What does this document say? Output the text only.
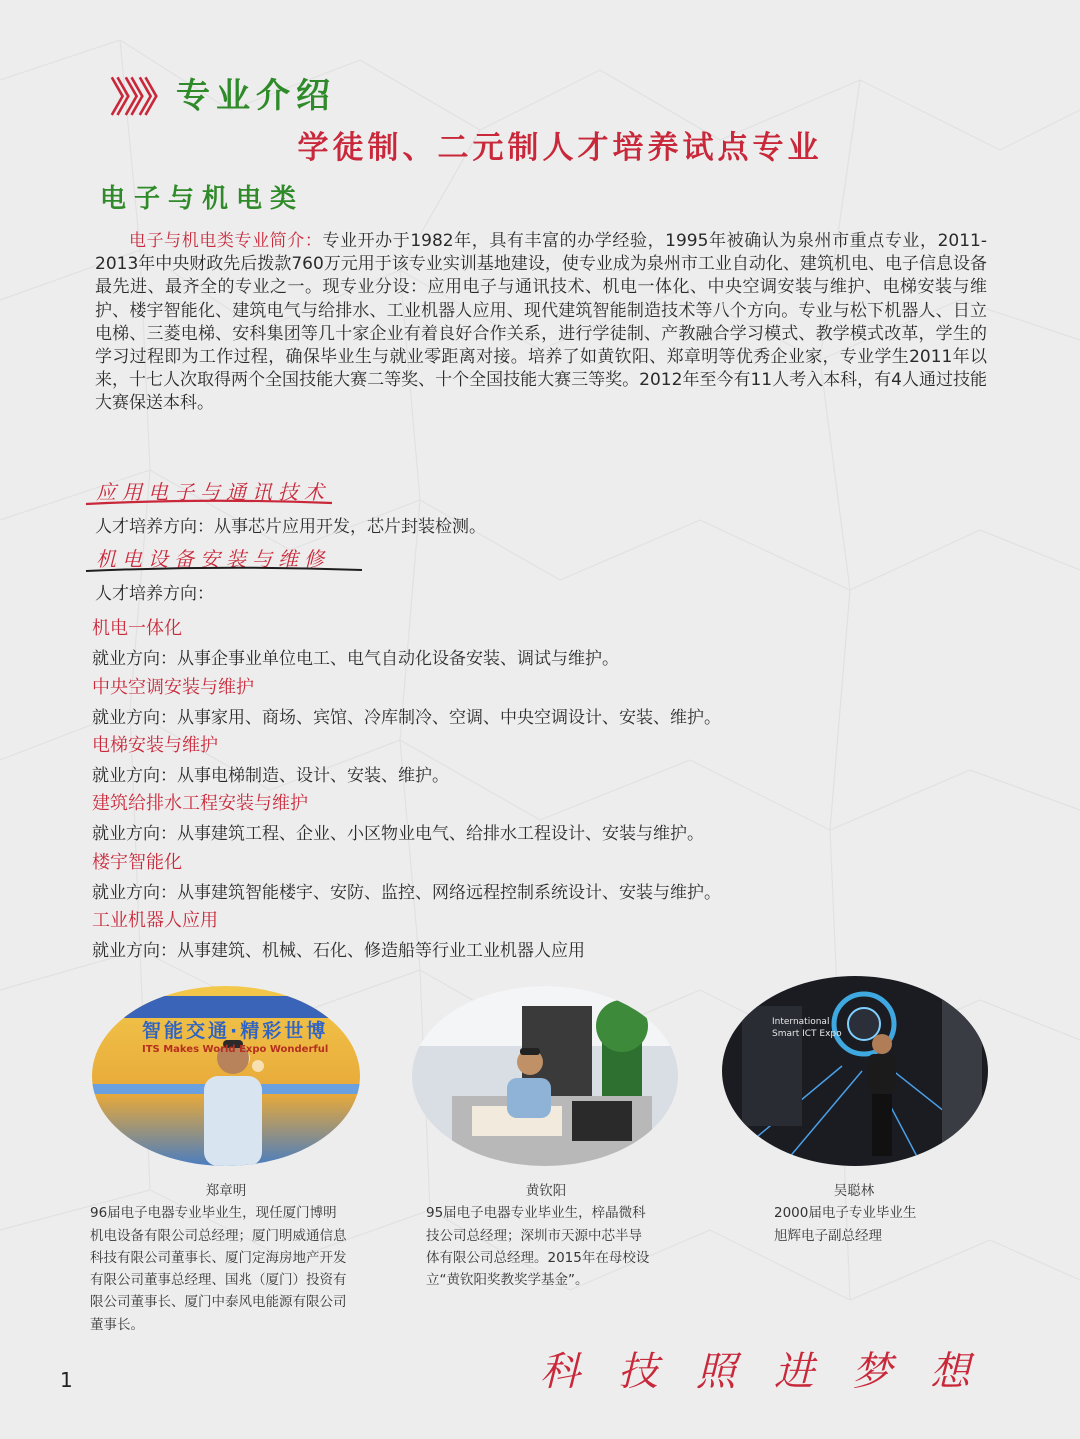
》》》 专业介绍
学徒制、二元制人才培养试点专业
电子与机电类

电子与机电类专业简介：专业开办于1982年，具有丰富的办学经验，1995年被确认为泉州市重点专业，2011-2013年中央财政先后拨款760万元用于该专业实训基地建设，使专业成为泉州市工业自动化、建筑机电、电子信息设备最先进、最齐全的专业之一。现专业分设：应用电子与通讯技术、机电一体化、中央空调安装与维护、电梯安装与维护、楼宇智能化、建筑电气与给排水、工业机器人应用、现代建筑智能制造技术等八个方向。专业与松下机器人、日立电梯、三菱电梯、安科集团等几十家企业有着良好合作关系，进行学徒制、产教融合学习模式、教学模式改革，学生的学习过程即为工作过程，确保毕业生与就业零距离对接。培养了如黄钦阳、郑章明等优秀企业家，专业学生2011年以来，十七人次取得两个全国技能大赛二等奖、十个全国技能大赛三等奖。2012年至今有11人考入本科，有4人通过技能大赛保送本科。

应用电子与通讯技术
人才培养方向：从事芯片应用开发，芯片封装检测。
机电设备安装与维修
人才培养方向：
机电一体化
就业方向：从事企事业单位电工、电气自动化设备安装、调试与维护。
中央空调安装与维护
就业方向：从事家用、商场、宾馆、冷库制冷、空调、中央空调设计、安装、维护。
电梯安装与维护
就业方向：从事电梯制造、设计、安装、维护。
建筑给排水工程安装与维护
就业方向：从事建筑工程、企业、小区物业电气、给排水工程设计、安装与维护。
楼宇智能化
就业方向：从事建筑智能楼宇、安防、监控、网络远程控制系统设计、安装与维护。
工业机器人应用
就业方向：从事建筑、机械、石化、修造船等行业工业机器人应用
智能交通·精彩世博
ITS Makes World Expo Wonderful
International Smart ICT Expo
郑章明
96届电子电器专业毕业生，现任厦门博明
机电设备有限公司总经理；厦门明威通信息
科技有限公司董事长、厦门定海房地产开发
有限公司董事总经理、国兆（厦门）投资有
限公司董事长、厦门中泰风电能源有限公司
董事长。
黄钦阳
95届电子电器专业毕业生，梓晶微科
技公司总经理；深圳市天源中芯半导
体有限公司总经理。2015年在母校设
立“黄钦阳奖教奖学基金”。
吴聪林
2000届电子专业毕业生
旭辉电子副总经理
科技照进梦想
1
